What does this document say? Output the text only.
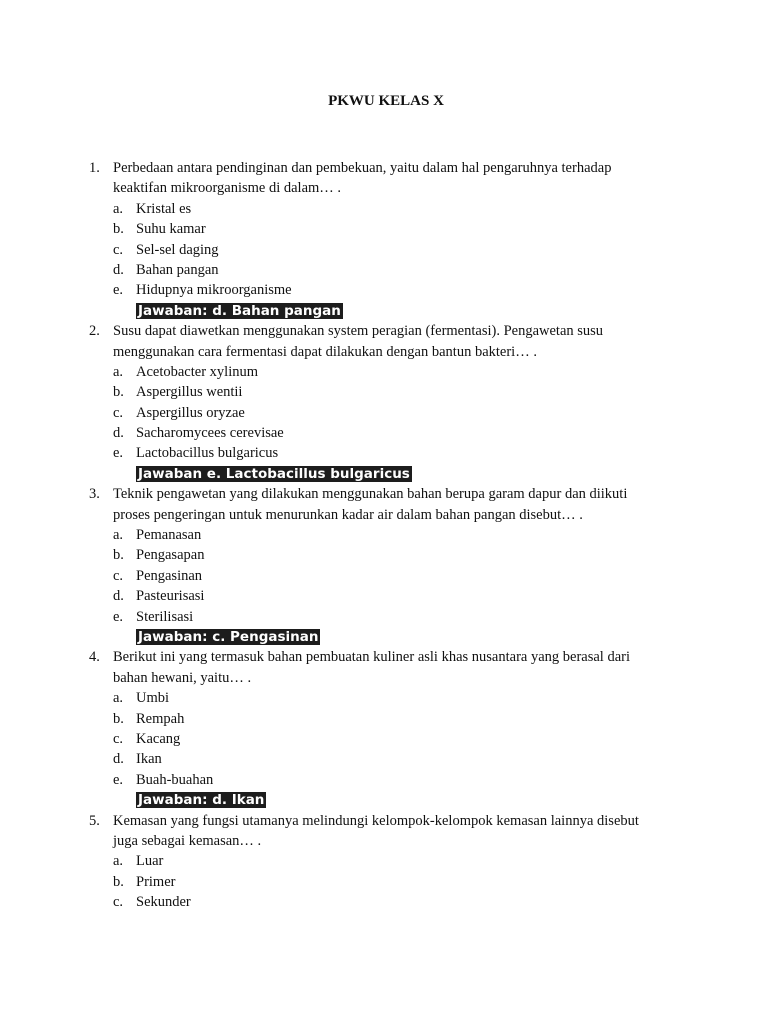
PKWU KELAS X
1. Perbedaan antara pendinginan dan pembekuan, yaitu dalam hal pengaruhnya terhadap
keaktifan mikroorganisme di dalam… .
a. Kristal es
b. Suhu kamar
c. Sel-sel daging
d. Bahan pangan
e. Hidupnya mikroorganisme
Jawaban: d. Bahan pangan
2. Susu dapat diawetkan menggunakan system peragian (fermentasi). Pengawetan susu
menggunakan cara fermentasi dapat dilakukan dengan bantun bakteri… .
a. Acetobacter xylinum
b. Aspergillus wentii
c. Aspergillus oryzae
d. Sacharomycees cerevisae
e. Lactobacillus bulgaricus
Jawaban e. Lactobacillus bulgaricus
3. Teknik pengawetan yang dilakukan menggunakan bahan berupa garam dapur dan diikuti
proses pengeringan untuk menurunkan kadar air dalam bahan pangan disebut… .
a. Pemanasan
b. Pengasapan
c. Pengasinan
d. Pasteurisasi
e. Sterilisasi
Jawaban: c. Pengasinan
4. Berikut ini yang termasuk bahan pembuatan kuliner asli khas nusantara yang berasal dari
bahan hewani, yaitu… .
a. Umbi
b. Rempah
c. Kacang
d. Ikan
e. Buah-buahan
Jawaban: d. Ikan
5. Kemasan yang fungsi utamanya melindungi kelompok-kelompok kemasan lainnya disebut
juga sebagai kemasan… .
a. Luar
b. Primer
c. Sekunder
